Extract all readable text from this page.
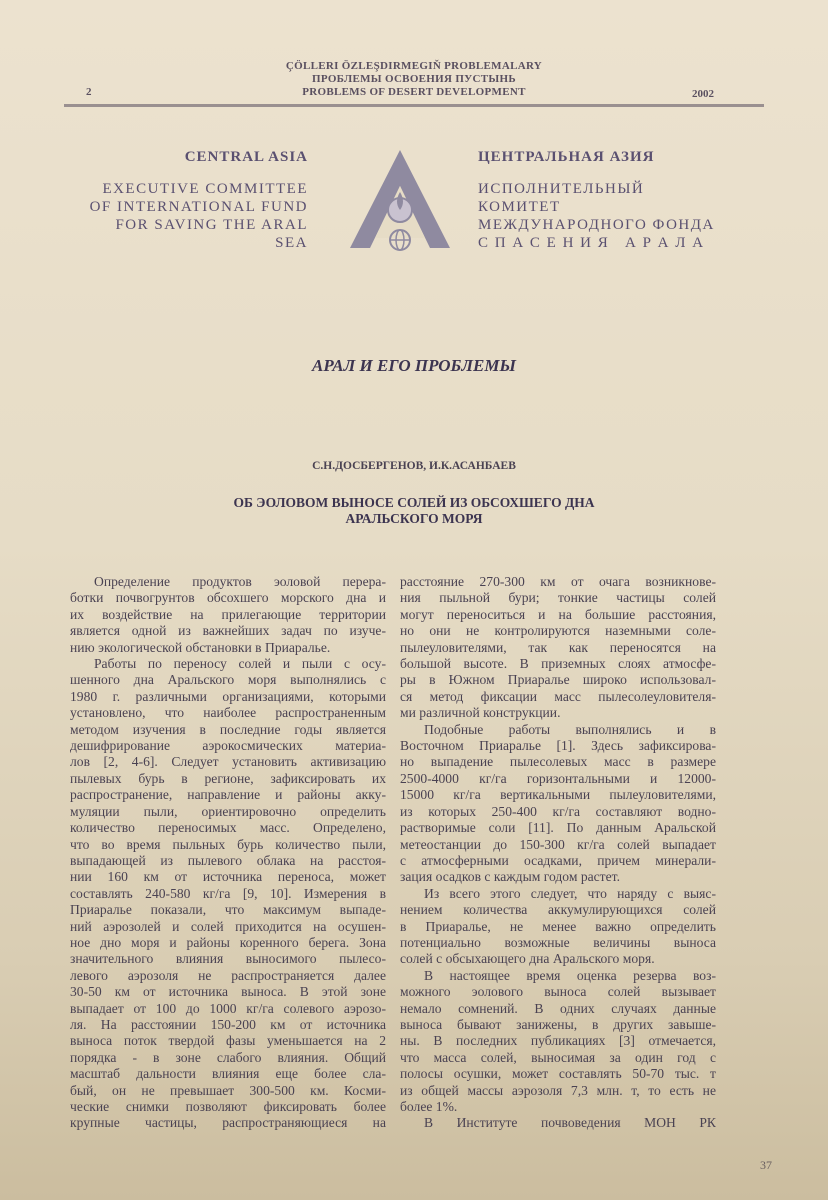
ÇÖLLERI ÖZLEŞDIRMEGIŇ PROBLEMALARY
ПРОБЛЕМЫ ОСВОЕНИЯ ПУСТЫНЬ
PROBLEMS OF DESERT DEVELOPMENT
2	2002
CENTRAL ASIA
EXECUTIVE COMMITTEE
OF INTERNATIONAL FUND
FOR SAVING THE ARAL SEA
ЦЕНТРАЛЬНАЯ АЗИЯ
ИСПОЛНИТЕЛЬНЫЙ КОМИТЕТ
МЕЖДУНАРОДНОГО ФОНДА
С П А С Е Н И Я   А Р А Л А
АРАЛ И ЕГО ПРОБЛЕМЫ
С.Н.ДОСБЕРГЕНОВ, И.К.АСАНБАЕВ
ОБ ЭОЛОВОМ ВЫНОСЕ СОЛЕЙ ИЗ ОБСОХШЕГО ДНА
АРАЛЬСКОГО МОРЯ
Определение продуктов эоловой перера-
ботки почвогрунтов обсохшего морского дна и
их воздействие на прилегающие территории
является одной из важнейших задач по изуче-
нию экологической обстановки в Приаралье.
Работы по переносу солей и пыли с осу-
шенного дна Аральского моря выполнялись с
1980 г. различными организациями, которыми
установлено, что наиболее распространенным
методом изучения в последние годы является
дешифрирование аэрокосмических материа-
лов [2, 4-6]. Следует установить активизацию
пылевых бурь в регионе, зафиксировать их
распространение, направление и районы акку-
муляции пыли, ориентировочно определить
количество переносимых масс. Определено,
что во время пыльных бурь количество пыли,
выпадающей из пылевого облака на расстоя-
нии 160 км от источника переноса, может
составлять 240-580 кг/га [9, 10]. Измерения в
Приаралье показали, что максимум выпаде-
ний аэрозолей и солей приходится на осушен-
ное дно моря и районы коренного берега. Зона
значительного влияния выносимого пылесо-
левого аэрозоля не распространяется далее
30-50 км от источника выноса. В этой зоне
выпадает от 100 до 1000 кг/га солевого аэрозо-
ля. На расстоянии 150-200 км от источника
выноса поток твердой фазы уменьшается на 2
порядка - в зоне слабого влияния. Общий
масштаб дальности влияния еще более сла-
бый, он не превышает 300-500 км. Косми-
ческие снимки позволяют фиксировать более
крупные частицы, распространяющиеся на
расстояние 270-300 км от очага возникнове-
ния пыльной бури; тонкие частицы солей
могут переноситься и на большие расстояния,
но они не контролируются наземными соле-
пылеуловителями, так как переносятся на
большой высоте. В приземных слоях атмосфе-
ры в Южном Приаралье широко использовал-
ся метод фиксации масс пылесолеуловителя-
ми различной конструкции.
Подобные работы выполнялись и в
Восточном Приаралье [1]. Здесь зафиксирова-
но выпадение пылесолевых масс в размере
2500-4000 кг/га горизонтальными и 12000-
15000 кг/га вертикальными пылеуловителями,
из которых 250-400 кг/га составляют водно-
растворимые соли [11]. По данным Аральской
метеостанции до 150-300 кг/га солей выпадает
с атмосферными осадками, причем минерали-
зация осадков с каждым годом растет.
Из всего этого следует, что наряду с выяс-
нением количества аккумулирующихся солей
в Приаралье, не менее важно определить
потенциально возможные величины выноса
солей с обсыхающего дна Аральского моря.
В настоящее время оценка резерва воз-
можного эолового выноса солей вызывает
немало сомнений. В одних случаях данные
выноса бывают занижены, в других завыше-
ны. В последних публикациях [3] отмечается,
что масса солей, выносимая за один год с
полосы осушки, может составлять 50-70 тыс. т
из общей массы аэрозоля 7,3 млн. т, то есть не
более 1%.
В Институте почвоведения МОН РК
37
